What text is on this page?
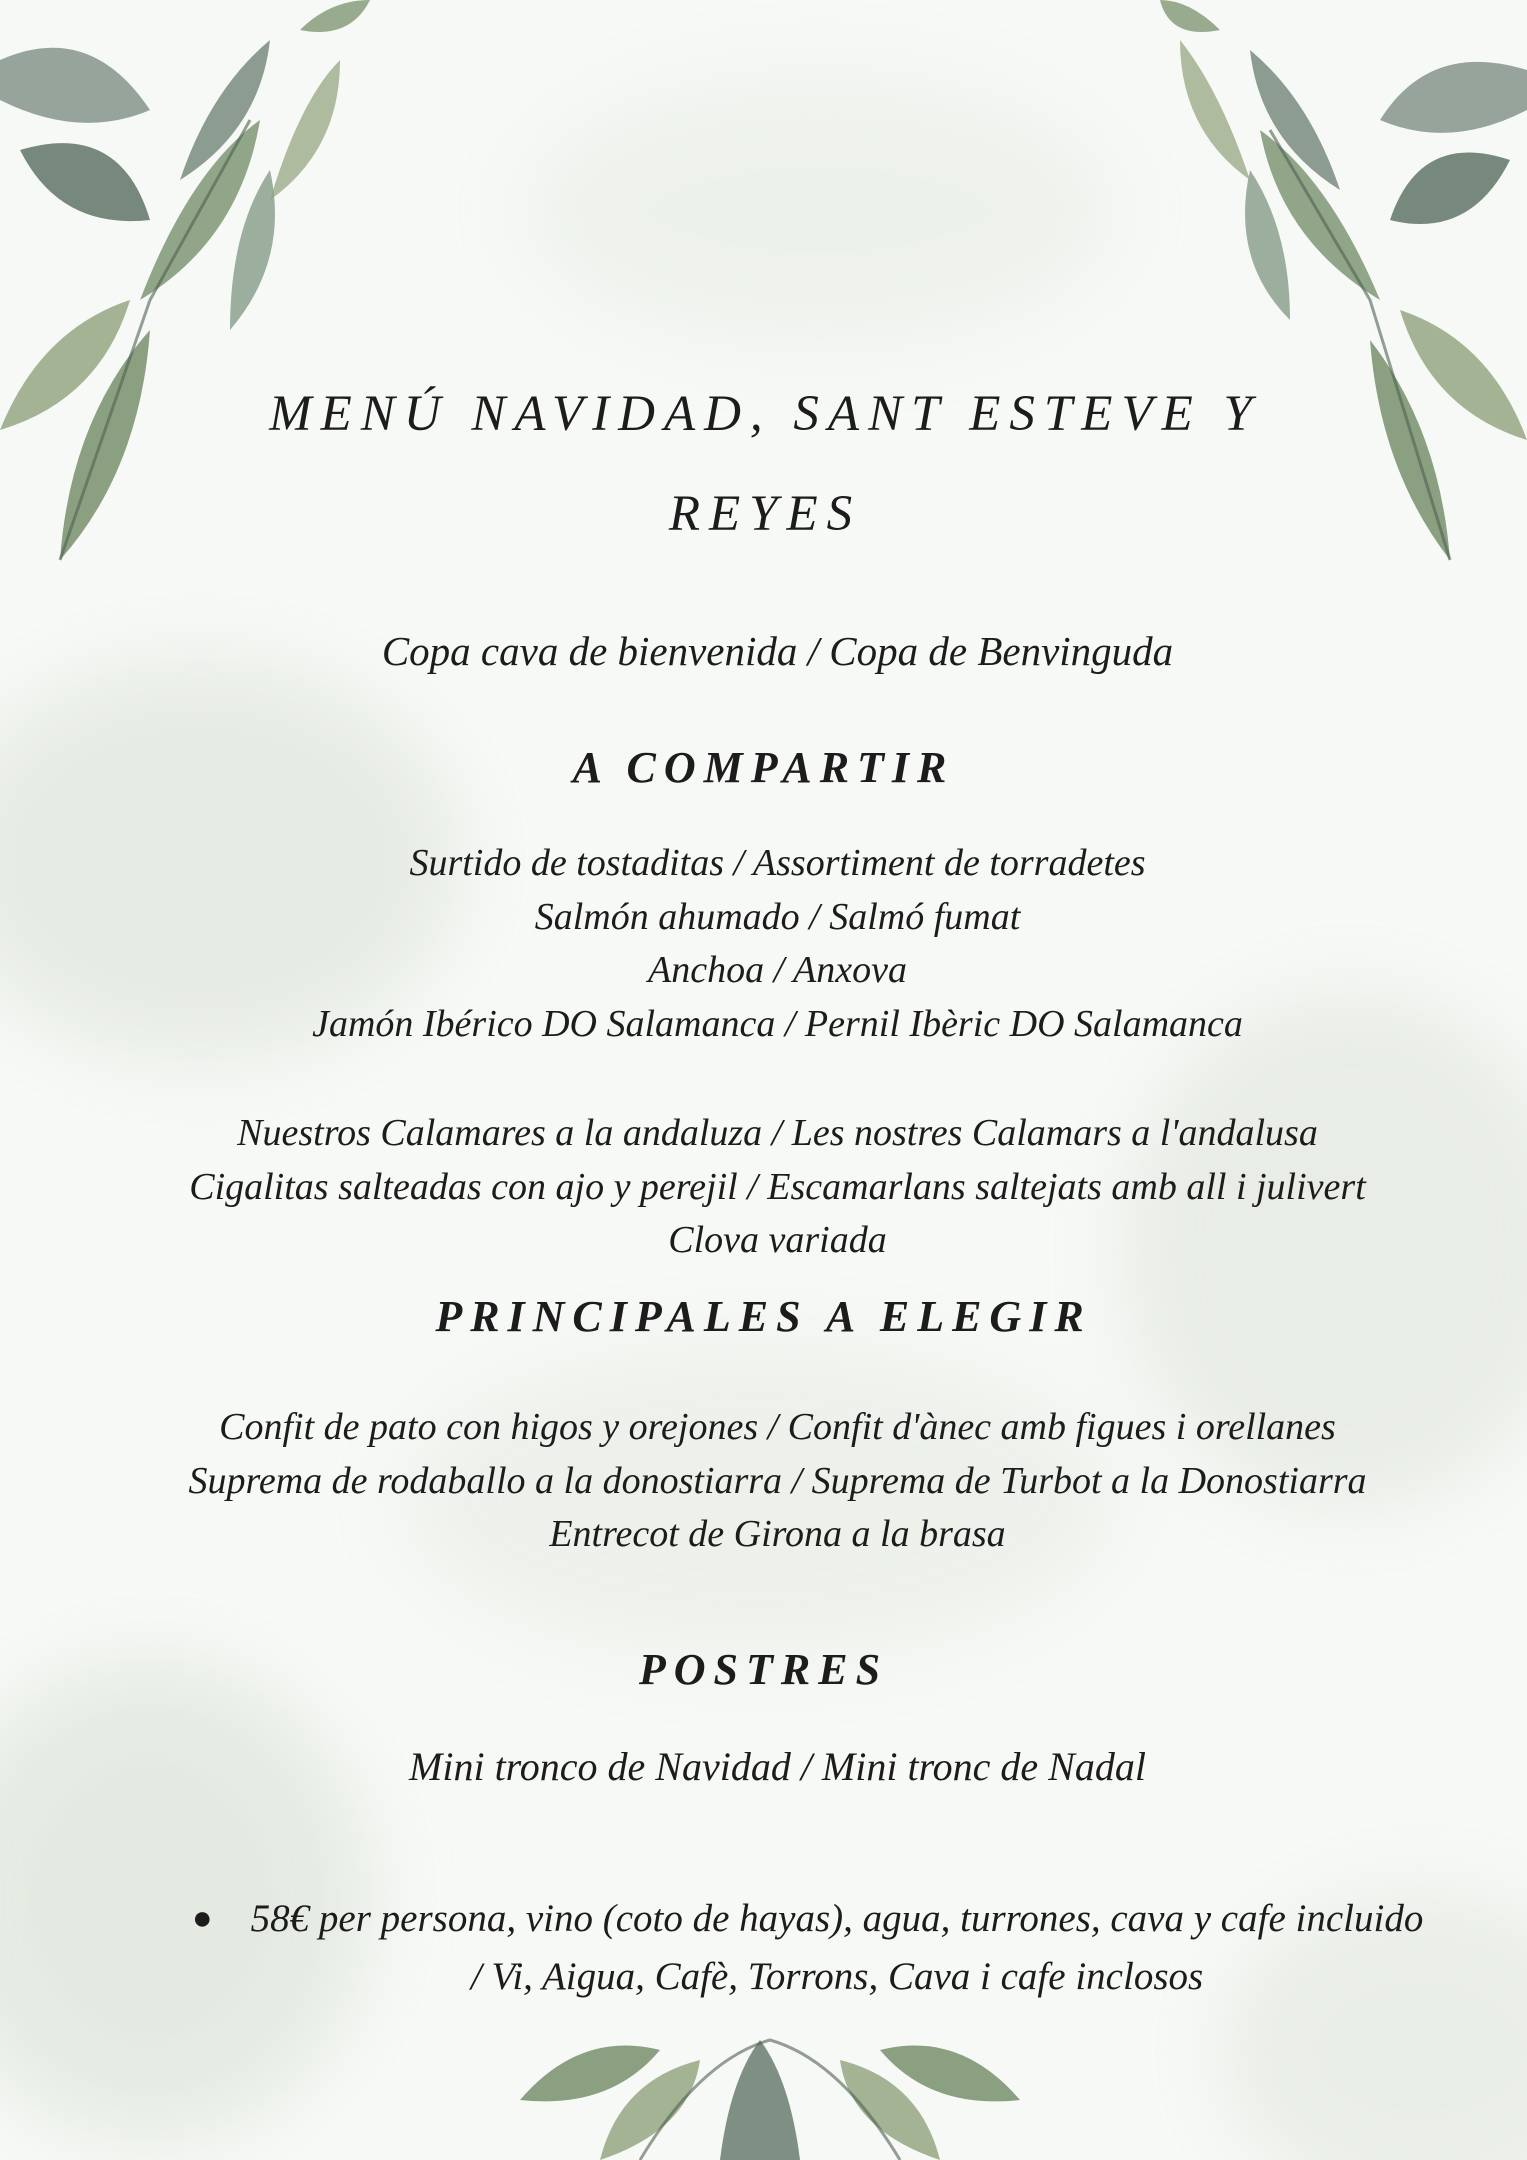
MENÚ NAVIDAD, SANT ESTEVE Y
REYES
Copa cava de bienvenida / Copa de Benvinguda
A COMPARTIR
Surtido de tostaditas / Assortiment de torradetes
Salmón ahumado / Salmó fumat
Anchoa / Anxova
Jamón Ibérico DO Salamanca / Pernil Ibèric DO Salamanca
Nuestros Calamares a la andaluza / Les nostres Calamars a l'andalusa
Cigalitas salteadas con ajo y perejil / Escamarlans saltejats amb all i julivert
Clova variada
PRINCIPALES A ELEGIR
Confit de pato con higos y orejones / Confit d'ànec amb figues i orellanes
Suprema de rodaballo a la donostiarra / Suprema de Turbot a la Donostiarra
Entrecot de Girona a la brasa
POSTRES
Mini tronco de Navidad / Mini tronc de Nadal
● 58€ per persona, vino (coto de hayas), agua, turrones, cava y cafe incluido / Vi, Aigua, Cafè, Torrons, Cava i cafe inclosos
